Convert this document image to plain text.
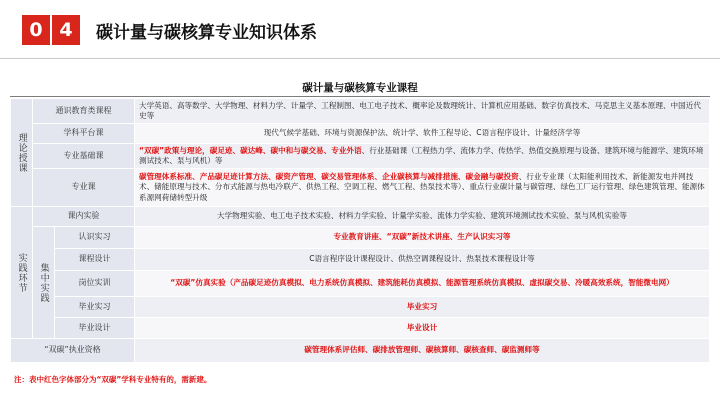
0 4	碳计量与碳核算专业知识体系
碳计量与碳核算专业课程
理论授课	通识教育类课程		大学英语、高等数学、大学物理、材料力学、计量学、工程制图、电工电子技术、概率论及数理统计、计算机应用基础、数字仿真技术、马克思主义基本原理、中国近代史等
	学科平台课		现代气候学基础、环境与资源保护法、统计学、软件工程导论、C语言程序设计、计量经济学等
	专业基础课		“双碳”政策与理论，碳足迹、碳达峰、碳中和与碳交易、专业外语、行业基础课（工程热力学、流体力学、传热学、热值交换原理与设备、建筑环境与能源学、建筑环境测试技术、泵与风机）等
	专业课		碳管理体系标准、产品碳足迹计算方法、碳资产管理、碳交易管理体系、企业碳核算与减排措施、碳金融与碳投资、行业专业课（太阳能利用技术、新能源发电并网技术、储能原理与技术、分布式能源与热电冷联产、供热工程、空调工程、燃气工程、热泵技术等）、重点行业碳计量与碳管理、绿色工厂运行管理、绿色建筑管理、能源体系源网荷储转型升级
实践环节	课内实验		大学物理实验、电工电子技术实验、材料力学实验、计量学实验、流体力学实验、建筑环境测试技术实验、泵与风机实验等
	集中实践	认识实习	专业教育讲座、“双碳”新技术讲座、生产认识实习等
		课程设计	C语言程序设计课程设计、供热空调课程设计、热泵技术课程设计等
		岗位实训	“双碳”仿真实验（产品碳足迹仿真模拟、电力系统仿真模拟、建筑能耗仿真模拟、能源管理系统仿真模拟、虚拟碳交易、冷暖高效系统，智能微电网）
		毕业实习	毕业实习
		毕业设计	毕业设计
“双碳”执业资格			碳管理体系评估师、碳排放管理师、碳核算师、碳核查师、碳监测师等
注：表中红色字体部分为“双碳”学科专业特有的，需新建。
